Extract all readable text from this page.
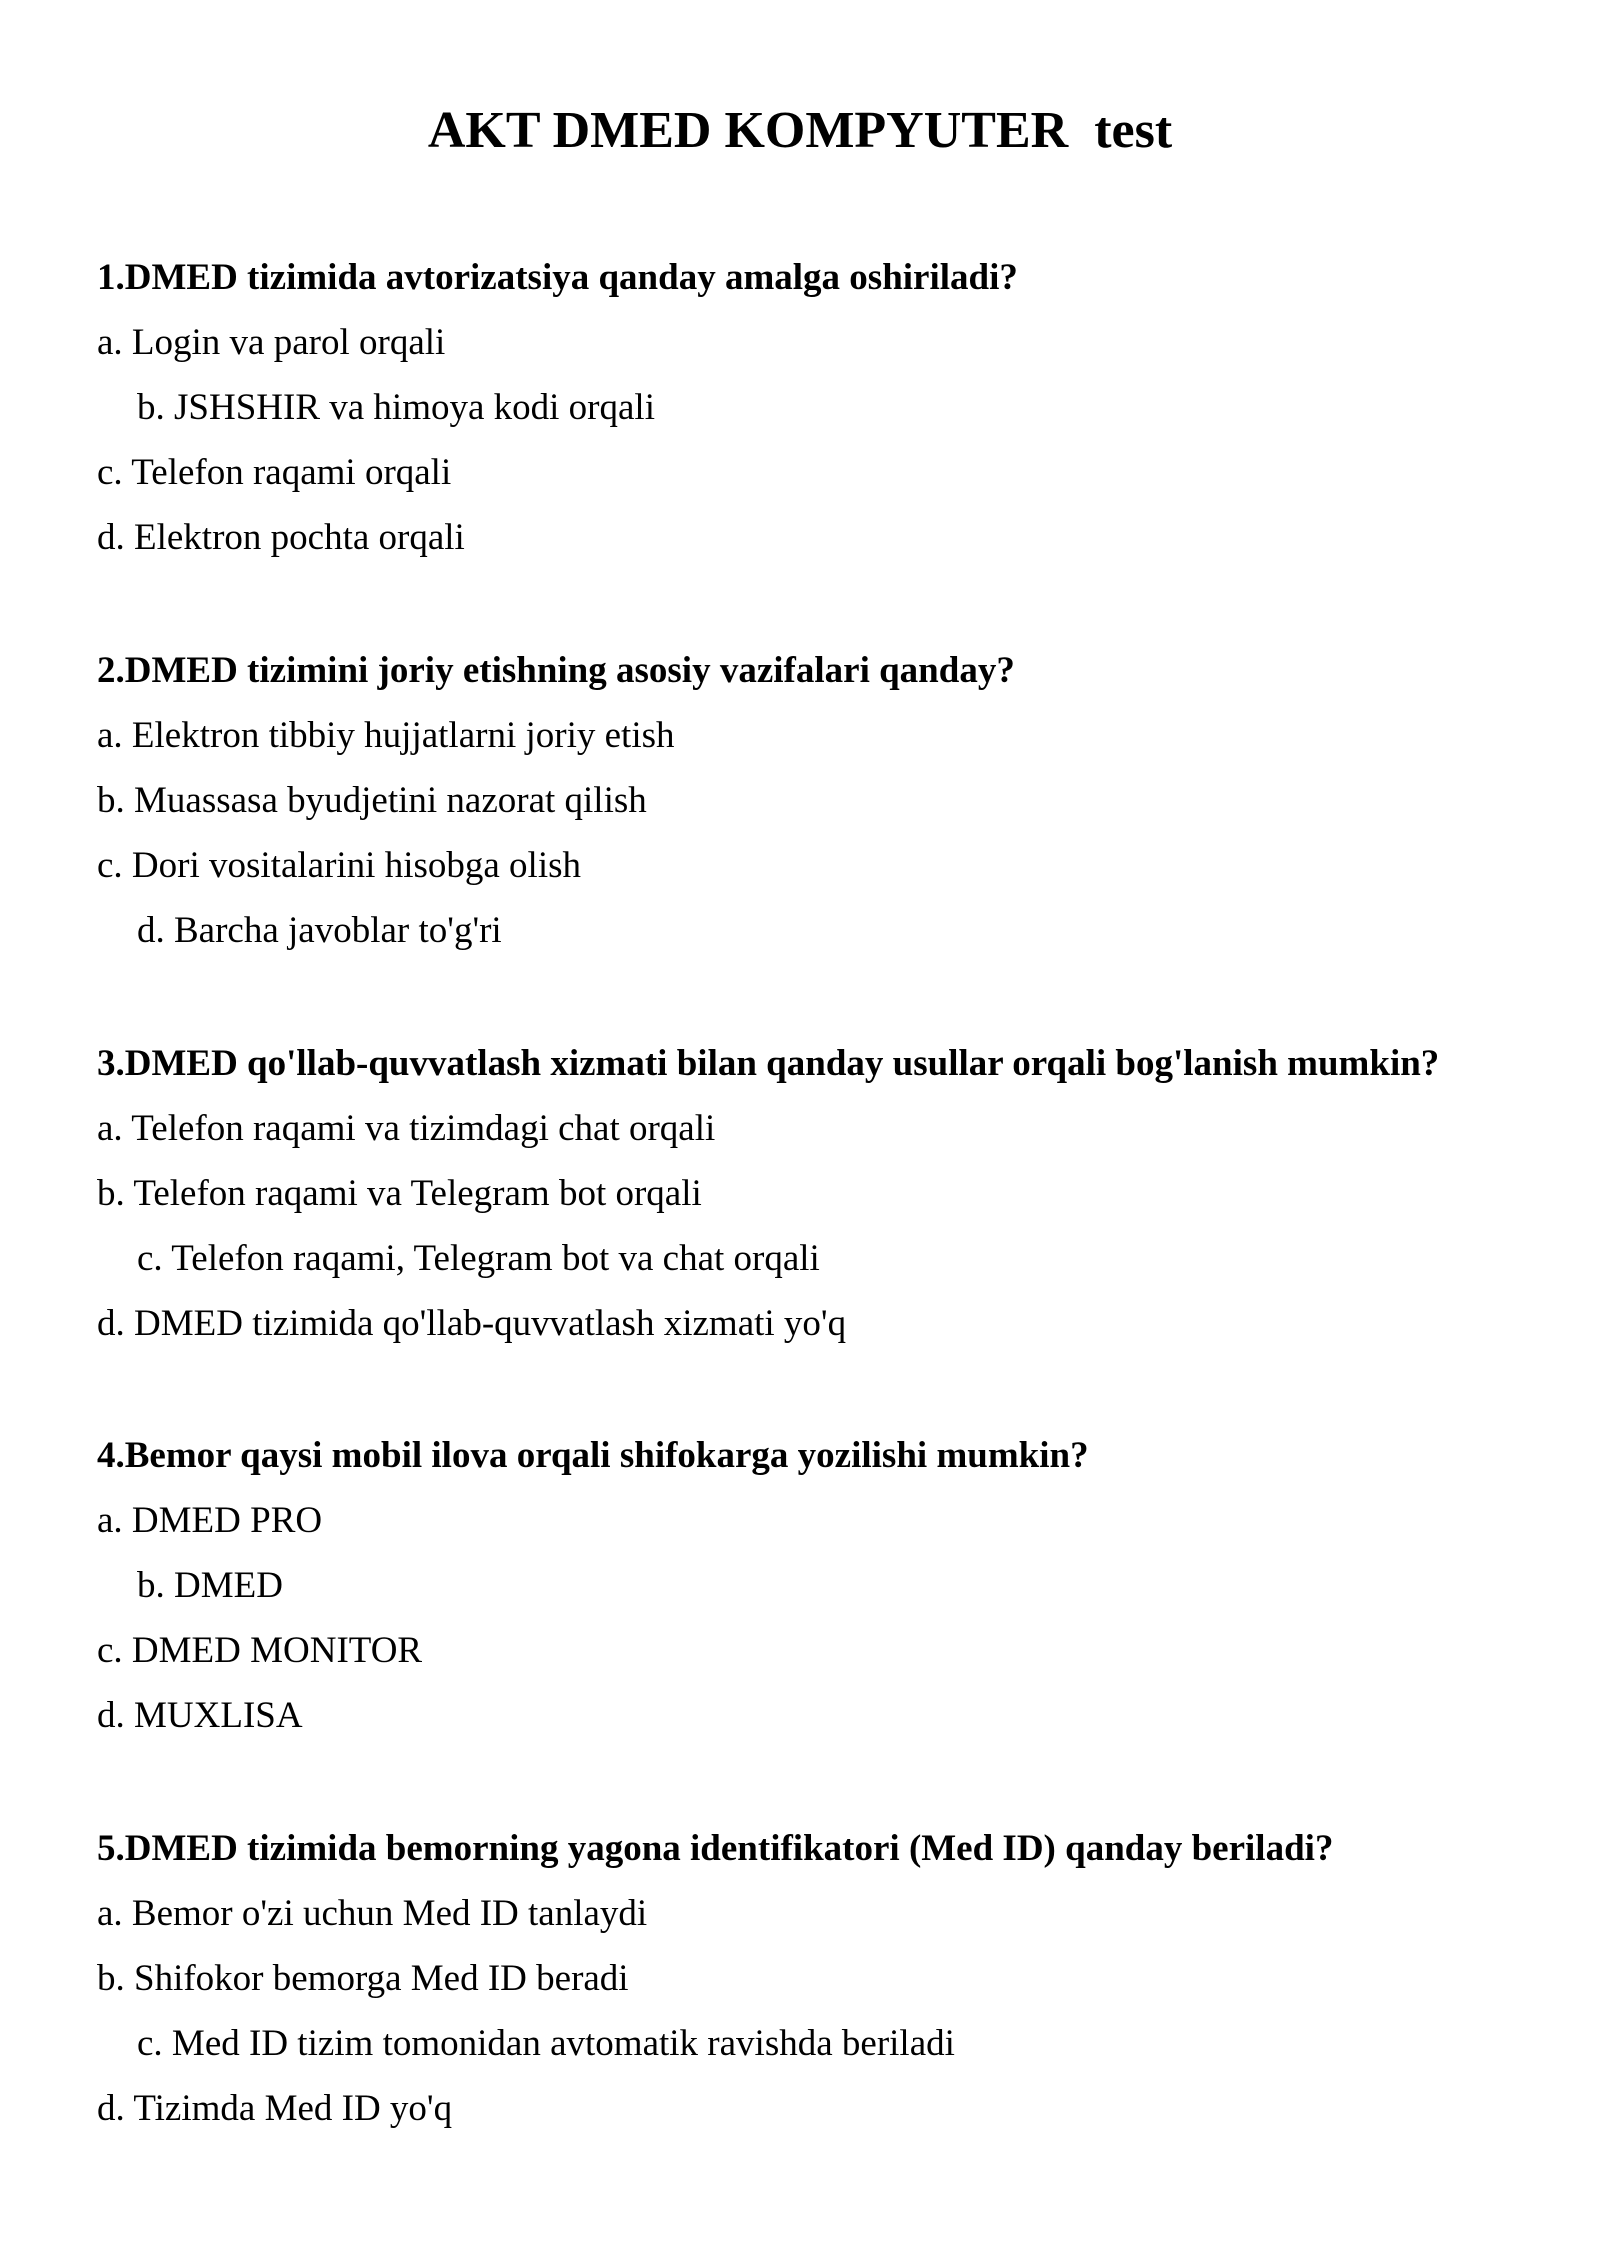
AKT DMED KOMPYUTER  test
1.DMED tizimida avtorizatsiya qanday amalga oshiriladi?
a. Login va parol orqali
b. JSHSHIR va himoya kodi orqali
c. Telefon raqami orqali
d. Elektron pochta orqali
2.DMED tizimini joriy etishning asosiy vazifalari qanday?
a. Elektron tibbiy hujjatlarni joriy etish
b. Muassasa byudjetini nazorat qilish
c. Dori vositalarini hisobga olish
d. Barcha javoblar to'g'ri
3.DMED qo'llab-quvvatlash xizmati bilan qanday usullar orqali bog'lanish mumkin?
a. Telefon raqami va tizimdagi chat orqali
b. Telefon raqami va Telegram bot orqali
c. Telefon raqami, Telegram bot va chat orqali
d. DMED tizimida qo'llab-quvvatlash xizmati yo'q
4.Bemor qaysi mobil ilova orqali shifokarga yozilishi mumkin?
a. DMED PRO
b. DMED
c. DMED MONITOR
d. MUXLISA
5.DMED tizimida bemorning yagona identifikatori (Med ID) qanday beriladi?
a. Bemor o'zi uchun Med ID tanlaydi
b. Shifokor bemorga Med ID beradi
c. Med ID tizim tomonidan avtomatik ravishda beriladi
d. Tizimda Med ID yo'q
